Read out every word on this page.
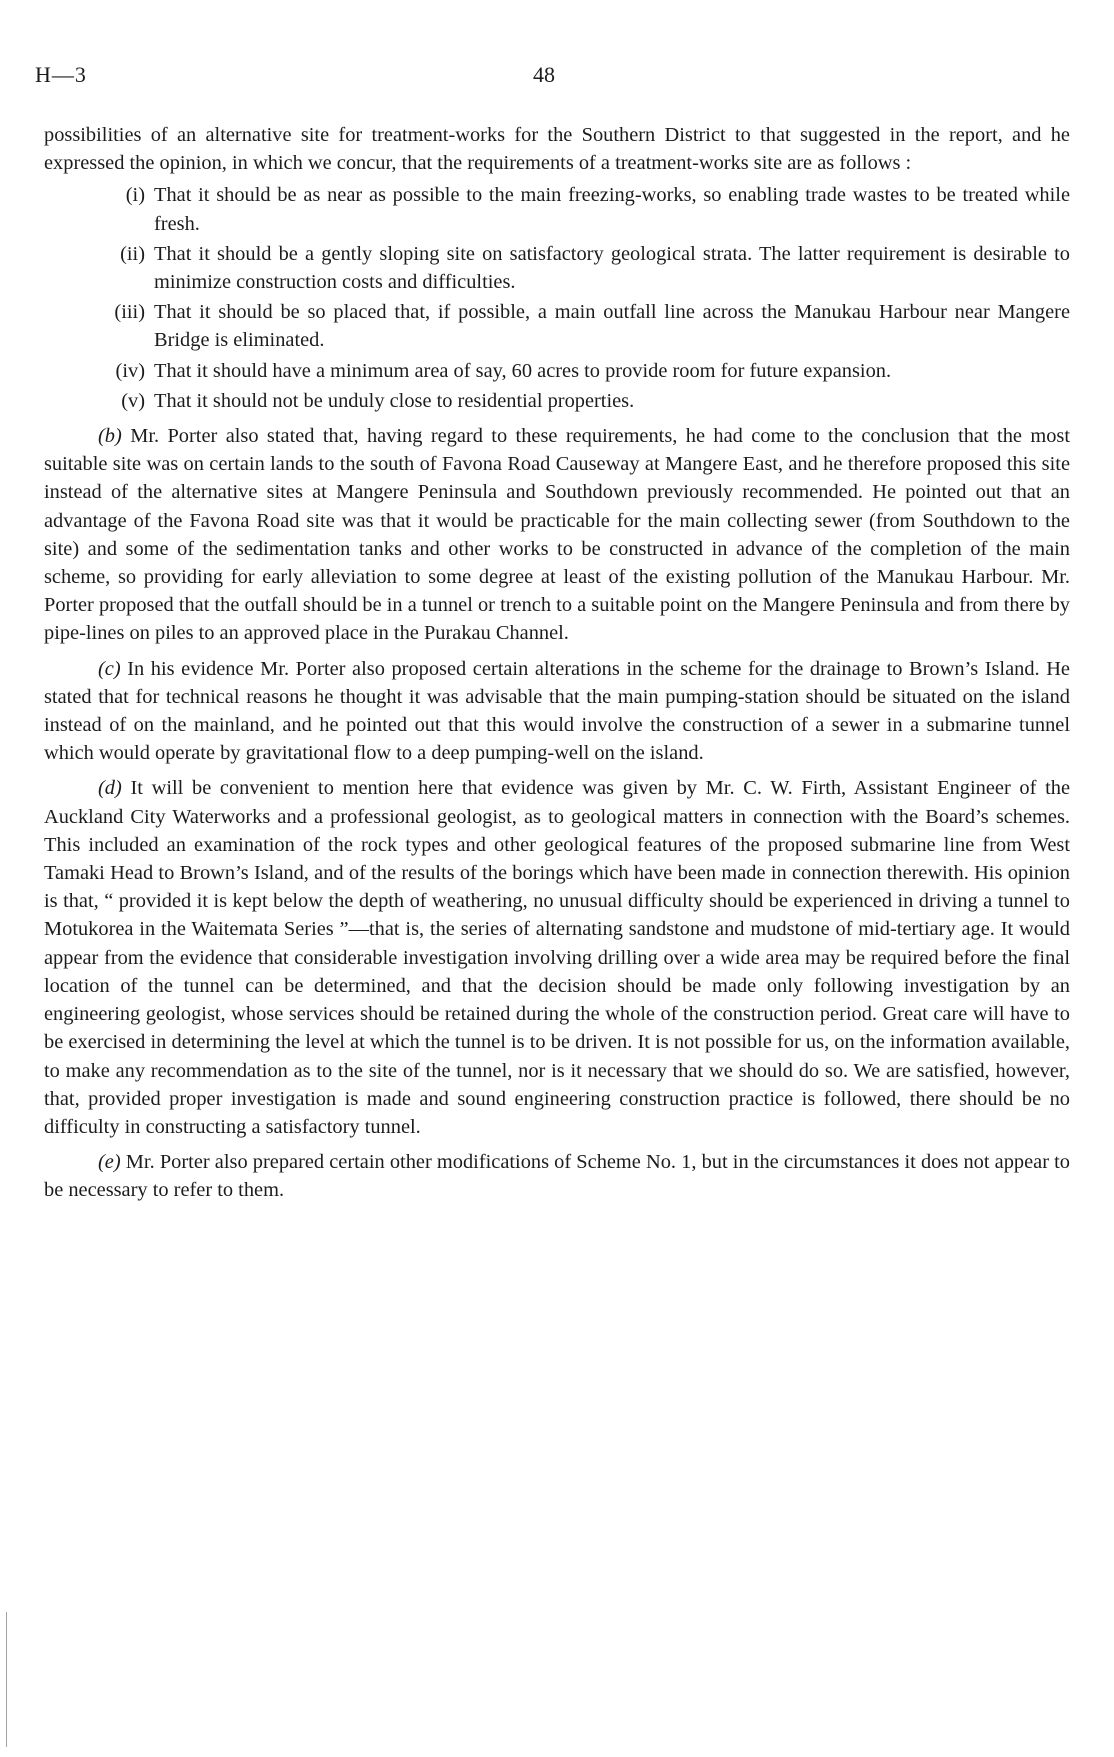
H—3	48

possibilities of an alternative site for treatment-works for the Southern District to that suggested in the report, and he expressed the opinion, in which we concur, that the requirements of a treatment-works site are as follows :

(i) That it should be as near as possible to the main freezing-works, so enabling trade wastes to be treated while fresh.
(ii) That it should be a gently sloping site on satisfactory geological strata. The latter requirement is desirable to minimize construction costs and difficulties.
(iii) That it should be so placed that, if possible, a main outfall line across the Manukau Harbour near Mangere Bridge is eliminated.
(iv) That it should have a minimum area of say, 60 acres to provide room for future expansion.
(v) That it should not be unduly close to residential properties.

(b) Mr. Porter also stated that, having regard to these requirements, he had come to the conclusion that the most suitable site was on certain lands to the south of Favona Road Causeway at Mangere East, and he therefore proposed this site instead of the alternative sites at Mangere Peninsula and Southdown previously recommended. He pointed out that an advantage of the Favona Road site was that it would be practicable for the main collecting sewer (from Southdown to the site) and some of the sedimentation tanks and other works to be constructed in advance of the completion of the main scheme, so providing for early alleviation to some degree at least of the existing pollution of the Manukau Harbour. Mr. Porter proposed that the outfall should be in a tunnel or trench to a suitable point on the Mangere Peninsula and from there by pipe-lines on piles to an approved place in the Purakau Channel.

(c) In his evidence Mr. Porter also proposed certain alterations in the scheme for the drainage to Brown’s Island. He stated that for technical reasons he thought it was advisable that the main pumping-station should be situated on the island instead of on the mainland, and he pointed out that this would involve the construction of a sewer in a submarine tunnel which would operate by gravitational flow to a deep pumping-well on the island.

(d) It will be convenient to mention here that evidence was given by Mr. C. W. Firth, Assistant Engineer of the Auckland City Waterworks and a professional geologist, as to geological matters in connection with the Board’s schemes. This included an examination of the rock types and other geological features of the proposed submarine line from West Tamaki Head to Brown’s Island, and of the results of the borings which have been made in connection therewith. His opinion is that, “ provided it is kept below the depth of weathering, no unusual difficulty should be experienced in driving a tunnel to Motukorea in the Waitemata Series ”—that is, the series of alternating sandstone and mudstone of mid-tertiary age. It would appear from the evidence that considerable investigation involving drilling over a wide area may be required before the final location of the tunnel can be determined, and that the decision should be made only following investigation by an engineering geologist, whose services should be retained during the whole of the construction period. Great care will have to be exercised in determining the level at which the tunnel is to be driven. It is not possible for us, on the information available, to make any recommendation as to the site of the tunnel, nor is it necessary that we should do so. We are satisfied, however, that, provided proper investigation is made and sound engineering construction practice is followed, there should be no difficulty in constructing a satisfactory tunnel.

(e) Mr. Porter also prepared certain other modifications of Scheme No. 1, but in the circumstances it does not appear to be necessary to refer to them.
